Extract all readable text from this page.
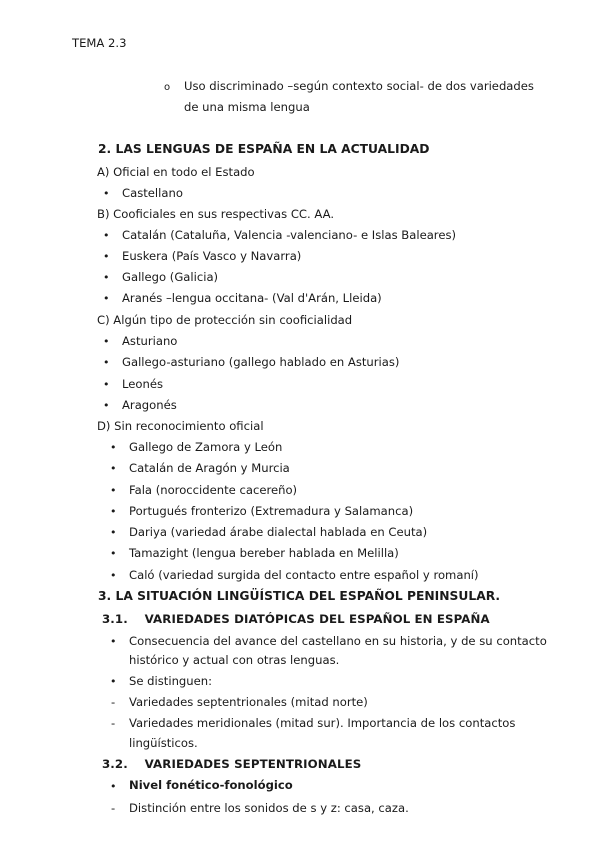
TEMA 2.3
o Uso discriminado –según contexto social- de dos variedades
de una misma lengua
2. LAS LENGUAS DE ESPAÑA EN LA ACTUALIDAD
A) Oficial en todo el Estado
• Castellano
B) Cooficiales en sus respectivas CC. AA.
• Catalán (Cataluña, Valencia -valenciano- e Islas Baleares)
• Euskera (País Vasco y Navarra)
• Gallego (Galicia)
• Aranés –lengua occitana- (Val d'Arán, Lleida)
C) Algún tipo de protección sin cooficialidad
• Asturiano
• Gallego-asturiano (gallego hablado en Asturias)
• Leonés
• Aragonés
D) Sin reconocimiento oficial
• Gallego de Zamora y León
• Catalán de Aragón y Murcia
• Fala (noroccidente cacereño)
• Portugués fronterizo (Extremadura y Salamanca)
• Dariya (variedad árabe dialectal hablada en Ceuta)
• Tamazight (lengua bereber hablada en Melilla)
• Caló (variedad surgida del contacto entre español y romaní)
3. LA SITUACIÓN LINGÜÍSTICA DEL ESPAÑOL PENINSULAR.
3.1.    VARIEDADES DIATÓPICAS DEL ESPAÑOL EN ESPAÑA
• Consecuencia del avance del castellano en su historia, y de su contacto
histórico y actual con otras lenguas.
• Se distinguen:
- Variedades septentrionales (mitad norte)
- Variedades meridionales (mitad sur). Importancia de los contactos
lingüísticos.
3.2.    VARIEDADES SEPTENTRIONALES
• Nivel fonético-fonológico
- Distinción entre los sonidos de s y z: casa, caza.
